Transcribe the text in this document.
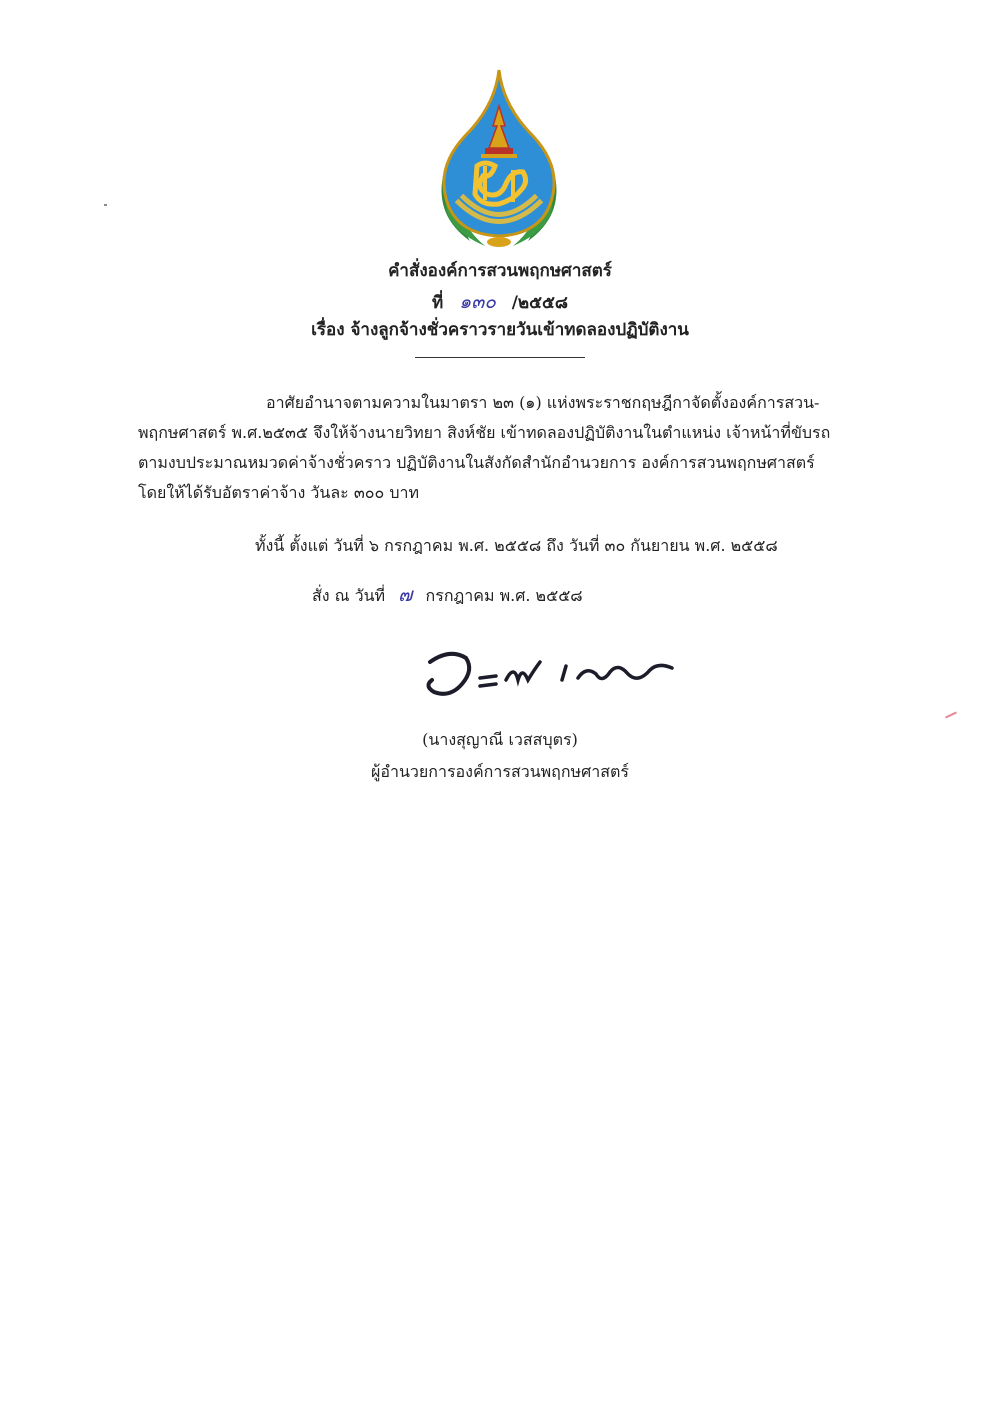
คำสั่งองค์การสวนพฤกษศาสตร์
ที่ ๑๓๐ /๒๕๕๘
เรื่อง จ้างลูกจ้างชั่วคราวรายวันเข้าทดลองปฏิบัติงาน
อาศัยอำนาจตามความในมาตรา ๒๓ (๑) แห่งพระราชกฤษฎีกาจัดตั้งองค์การสวน-
พฤกษศาสตร์ พ.ศ.๒๕๓๕ จึงให้จ้างนายวิทยา สิงห์ชัย เข้าทดลองปฏิบัติงานในตำแหน่ง เจ้าหน้าที่ขับรถ
ตามงบประมาณหมวดค่าจ้างชั่วคราว ปฏิบัติงานในสังกัดสำนักอำนวยการ องค์การสวนพฤกษศาสตร์
โดยให้ได้รับอัตราค่าจ้าง วันละ ๓๐๐ บาท
ทั้งนี้ ตั้งแต่ วันที่ ๖ กรกฎาคม พ.ศ. ๒๕๕๘ ถึง วันที่ ๓๐ กันยายน พ.ศ. ๒๕๕๘
สั่ง ณ วันที่ ๗ กรกฎาคม พ.ศ. ๒๕๕๘
(นางสุญาณี เวสสบุตร)
ผู้อำนวยการองค์การสวนพฤกษศาสตร์
